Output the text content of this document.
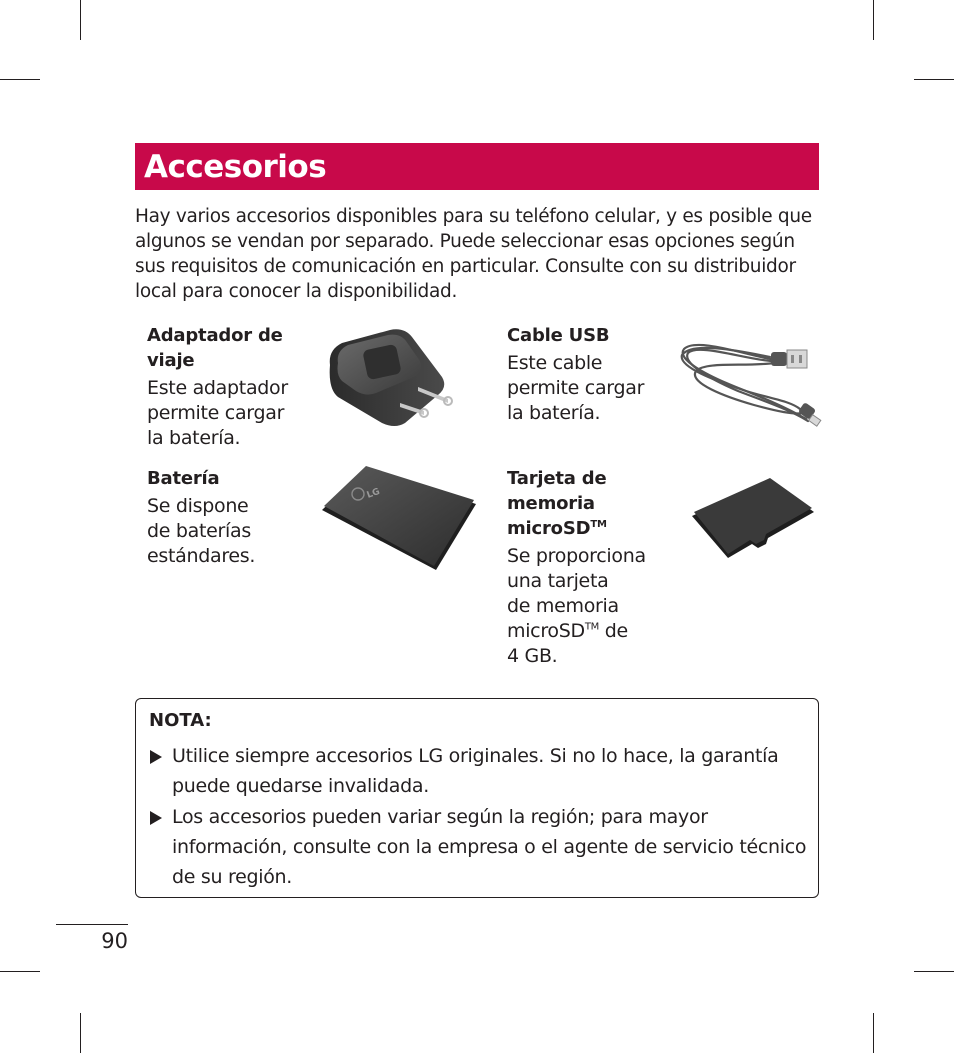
Accesorios
Hay varios accesorios disponibles para su teléfono celular, y es posible que algunos se vendan por separado. Puede seleccionar esas opciones según sus requisitos de comunicación en particular. Consulte con su distribuidor local para conocer la disponibilidad.
Adaptador de
viaje
Este adaptador
permite cargar
la batería.
Cable USB
Este cable
permite cargar
la batería.
Batería
Se dispone
de baterías
estándares.
LG
Tarjeta de
memoria
microSD™
Se proporciona
una tarjeta
de memoria
microSD™ de
4 GB.
NOTA:
Utilice siempre accesorios LG originales. Si no lo hace, la garantía puede quedarse invalidada.
Los accesorios pueden variar según la región; para mayor información, consulte con la empresa o el agente de servicio técnico de su región.
90
